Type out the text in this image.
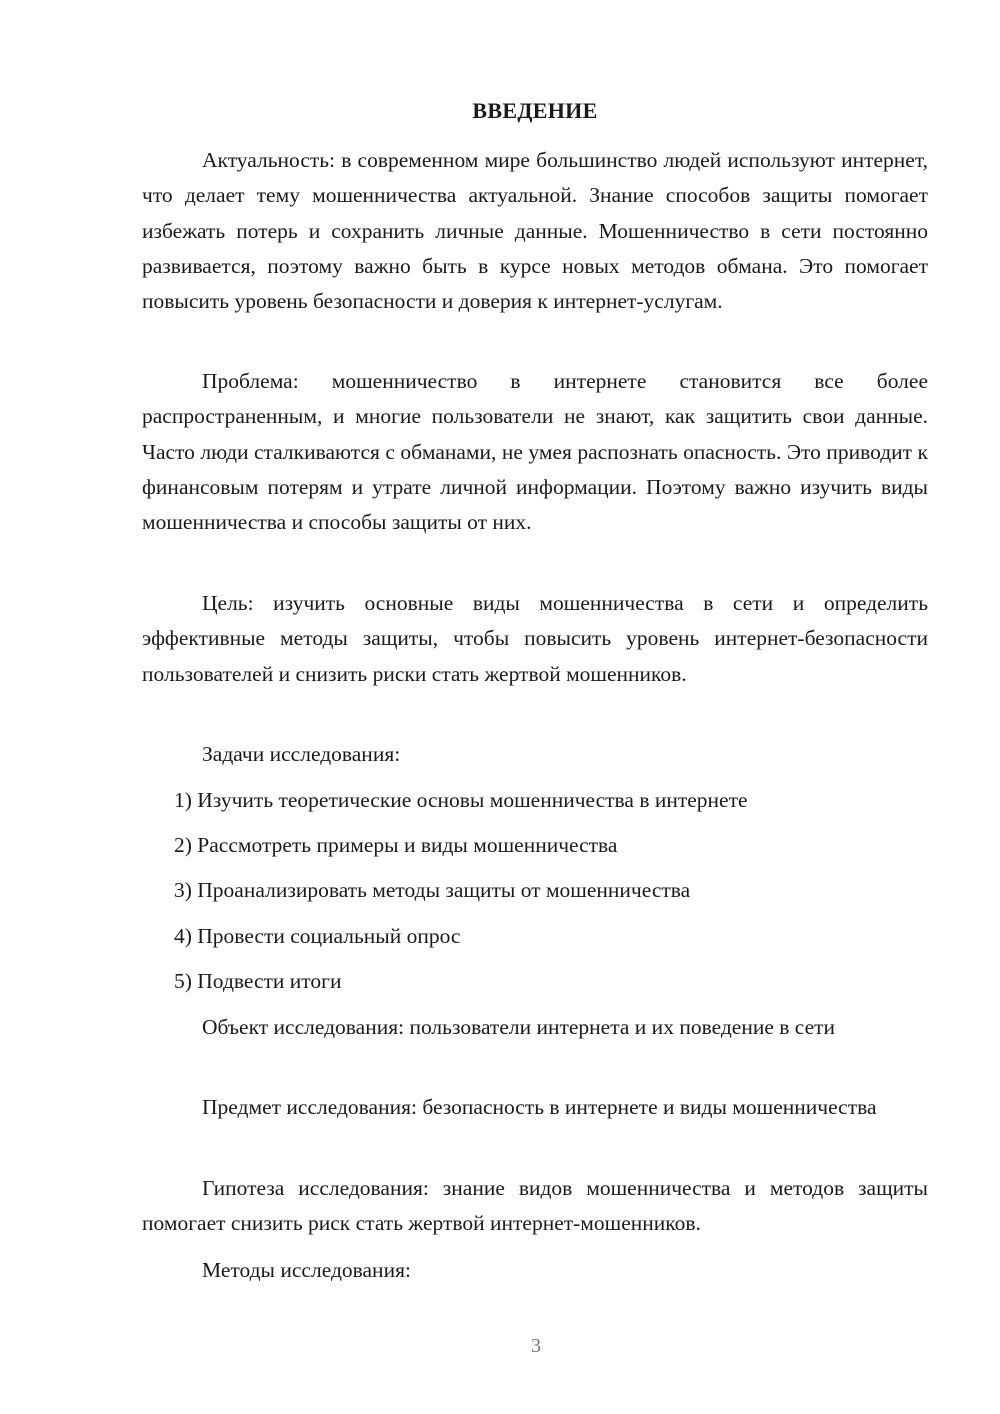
ВВЕДЕНИЕ

Актуальность: в современном мире большинство людей используют интернет, что делает тему мошенничества актуальной. Знание способов защиты помогает избежать потерь и сохранить личные данные. Мошенничество в сети постоянно развивается, поэтому важно быть в курсе новых методов обмана. Это помогает повысить уровень безопасности и доверия к интернет-услугам.

Проблема: мошенничество в интернете становится все более распространенным, и многие пользователи не знают, как защитить свои данные. Часто люди сталкиваются с обманами, не умея распознать опасность. Это приводит к финансовым потерям и утрате личной информации. Поэтому важно изучить виды мошенничества и способы защиты от них.

Цель: изучить основные виды мошенничества в сети и определить эффективные методы защиты, чтобы повысить уровень интернет-безопасности пользователей и снизить риски стать жертвой мошенников.

Задачи исследования:

1) Изучить теоретические основы мошенничества в интернете

2) Рассмотреть примеры и виды мошенничества

3) Проанализировать методы защиты от мошенничества

4) Провести социальный опрос

5) Подвести итоги

Объект исследования: пользователи интернета и их поведение в сети

Предмет исследования: безопасность в интернете и виды мошенничества

Гипотеза исследования: знание видов мошенничества и методов защиты помогает снизить риск стать жертвой интернет-мошенников.

Методы исследования:

3
